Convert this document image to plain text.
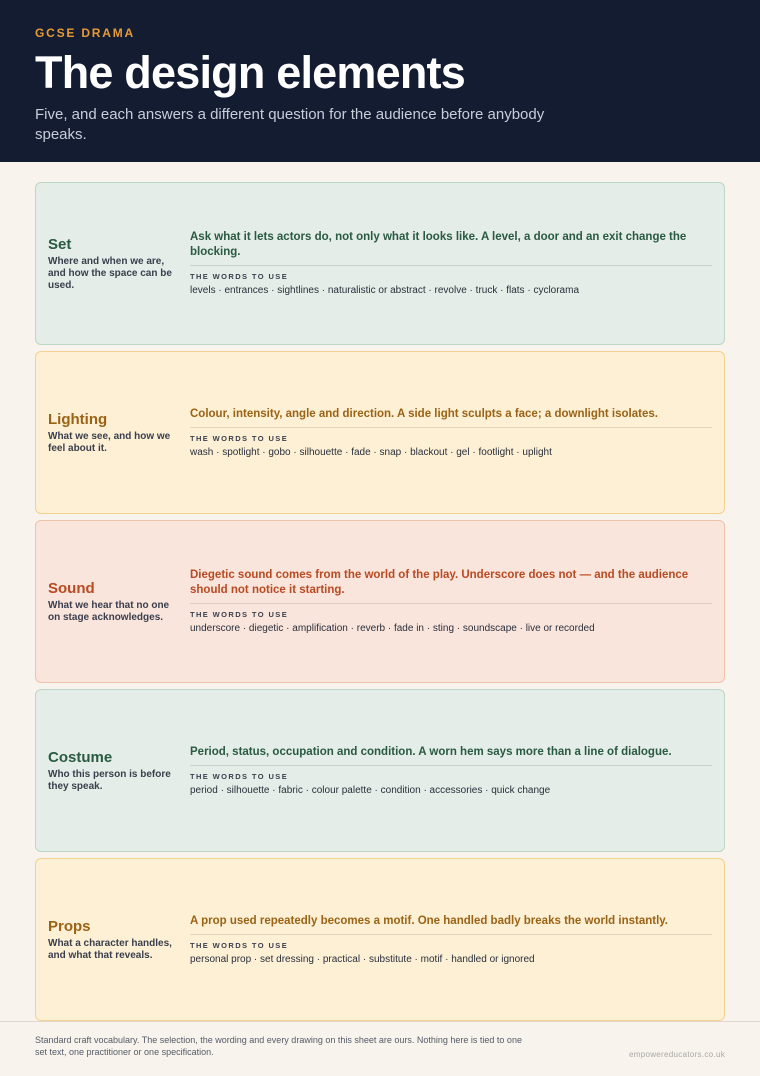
GCSE DRAMA
The design elements
Five, and each answers a different question for the audience before anybody speaks.
Set
Where and when we are, and how the space can be used.
Ask what it lets actors do, not only what it looks like. A level, a door and an exit change the blocking.
THE WORDS TO USE
levels · entrances · sightlines · naturalistic or abstract · revolve · truck · flats · cyclorama
Lighting
What we see, and how we feel about it.
Colour, intensity, angle and direction. A side light sculpts a face; a downlight isolates.
THE WORDS TO USE
wash · spotlight · gobo · silhouette · fade · snap · blackout · gel · footlight · uplight
Sound
What we hear that no one on stage acknowledges.
Diegetic sound comes from the world of the play. Underscore does not — and the audience should not notice it starting.
THE WORDS TO USE
underscore · diegetic · amplification · reverb · fade in · sting · soundscape · live or recorded
Costume
Who this person is before they speak.
Period, status, occupation and condition. A worn hem says more than a line of dialogue.
THE WORDS TO USE
period · silhouette · fabric · colour palette · condition · accessories · quick change
Props
What a character handles, and what that reveals.
A prop used repeatedly becomes a motif. One handled badly breaks the world instantly.
THE WORDS TO USE
personal prop · set dressing · practical · substitute · motif · handled or ignored
Standard craft vocabulary. The selection, the wording and every drawing on this sheet are ours. Nothing here is tied to one set text, one practitioner or one specification.	empowereducators.co.uk
